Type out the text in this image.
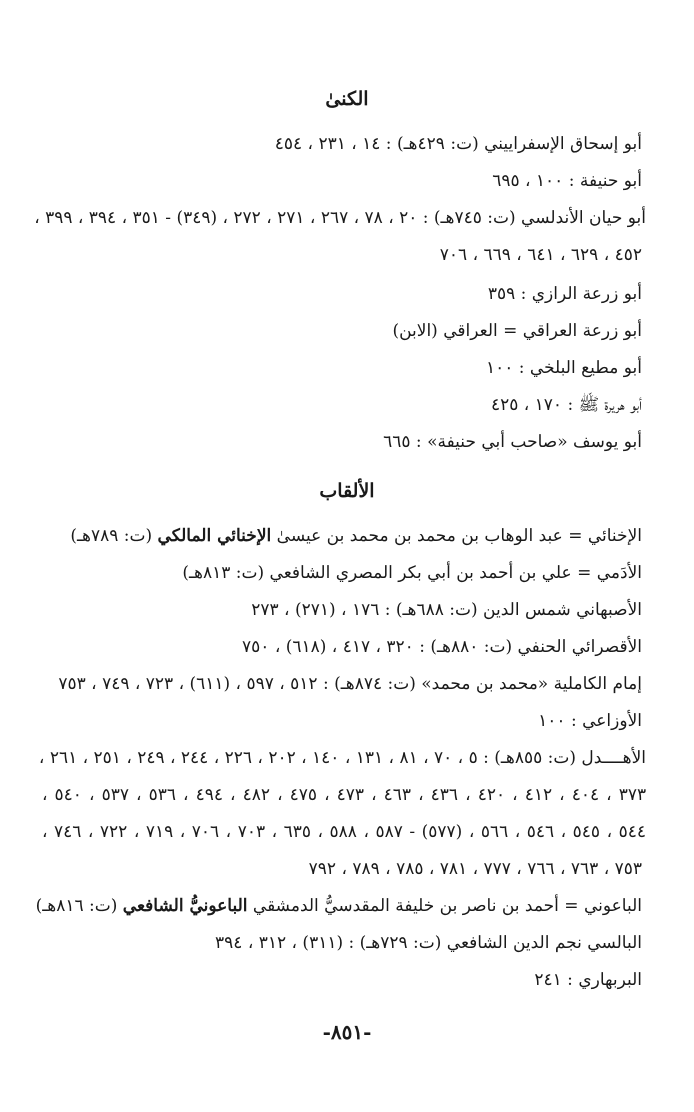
الكنىٰ
أبو إسحاق الإسفراييني (ت: ٤٢٩هـ) : ١٤ ، ٢٣١ ، ٤٥٤
أبو حنيفة : ١٠٠ ، ٦٩٥
أبو حيان الأندلسي (ت: ٧٤٥هـ) : ٢٠ ، ٧٨ ، ٢٦٧ ، ٢٧١ ، ٢٧٢ ، (٣٤٩) - ٣٥١ ، ٣٩٤ ، ٣٩٩ ،
٤٥٢ ، ٦٢٩ ، ٦٤١ ، ٦٦٩ ، ٧٠٦
أبو زرعة الرازي : ٣٥٩
أبو زرعة العراقي = العراقي (الابن)
أبو مطيع البلخي : ١٠٠
أبو هريرة ﷺ : ١٧٠ ، ٤٢٥
أبو يوسف «صاحب أبي حنيفة» : ٦٦٥
الألقاب
الإخنائي = عبد الوهاب بن محمد بن محمد بن عيسىٰ الإخنائي المالكي (ت: ٧٨٩هـ)
الأدَمي = علي بن أحمد بن أبي بكر المصري الشافعي (ت: ٨١٣هـ)
الأصبهاني شمس الدين (ت: ٦٨٨هـ) : ١٧٦ ، (٢٧١) ، ٢٧٣
الأقصرائي الحنفي (ت: ٨٨٠هـ) : ٣٢٠ ، ٤١٧ ، (٦١٨) ، ٧٥٠
إمام الكاملية «محمد بن محمد» (ت: ٨٧٤هـ) : ٥١٢ ، ٥٩٧ ، (٦١١) ، ٧٢٣ ، ٧٤٩ ، ٧٥٣
الأوزاعي : ١٠٠
الأهــــدل (ت: ٨٥٥هـ) : ٥ ، ٧٠ ، ٨١ ، ١٣١ ، ١٤٠ ، ٢٠٢ ، ٢٢٦ ، ٢٤٤ ، ٢٤٩ ، ٢٥١ ، ٢٦١ ،
٣٧٣ ، ٤٠٤ ، ٤١٢ ، ٤٢٠ ، ٤٣٦ ، ٤٦٣ ، ٤٧٣ ، ٤٧٥ ، ٤٨٢ ، ٤٩٤ ، ٥٣٦ ، ٥٣٧ ، ٥٤٠ ،
٥٤٤ ، ٥٤٥ ، ٥٤٦ ، ٥٦٦ ، (٥٧٧) - ٥٨٧ ، ٥٨٨ ، ٦٣٥ ، ٧٠٣ ، ٧٠٦ ، ٧١٩ ، ٧٢٢ ، ٧٤٦ ،
٧٥٣ ، ٧٦٣ ، ٧٦٦ ، ٧٧٧ ، ٧٨١ ، ٧٨٥ ، ٧٨٩ ، ٧٩٢
الباعوني = أحمد بن ناصر بن خليفة المقدسيُّ الدمشقي الباعونيُّ الشافعي (ت: ٨١٦هـ)
البالسي نجم الدين الشافعي (ت: ٧٢٩هـ) : (٣١١) ، ٣١٢ ، ٣٩٤
البربهاري : ٢٤١
-٨٥١-
